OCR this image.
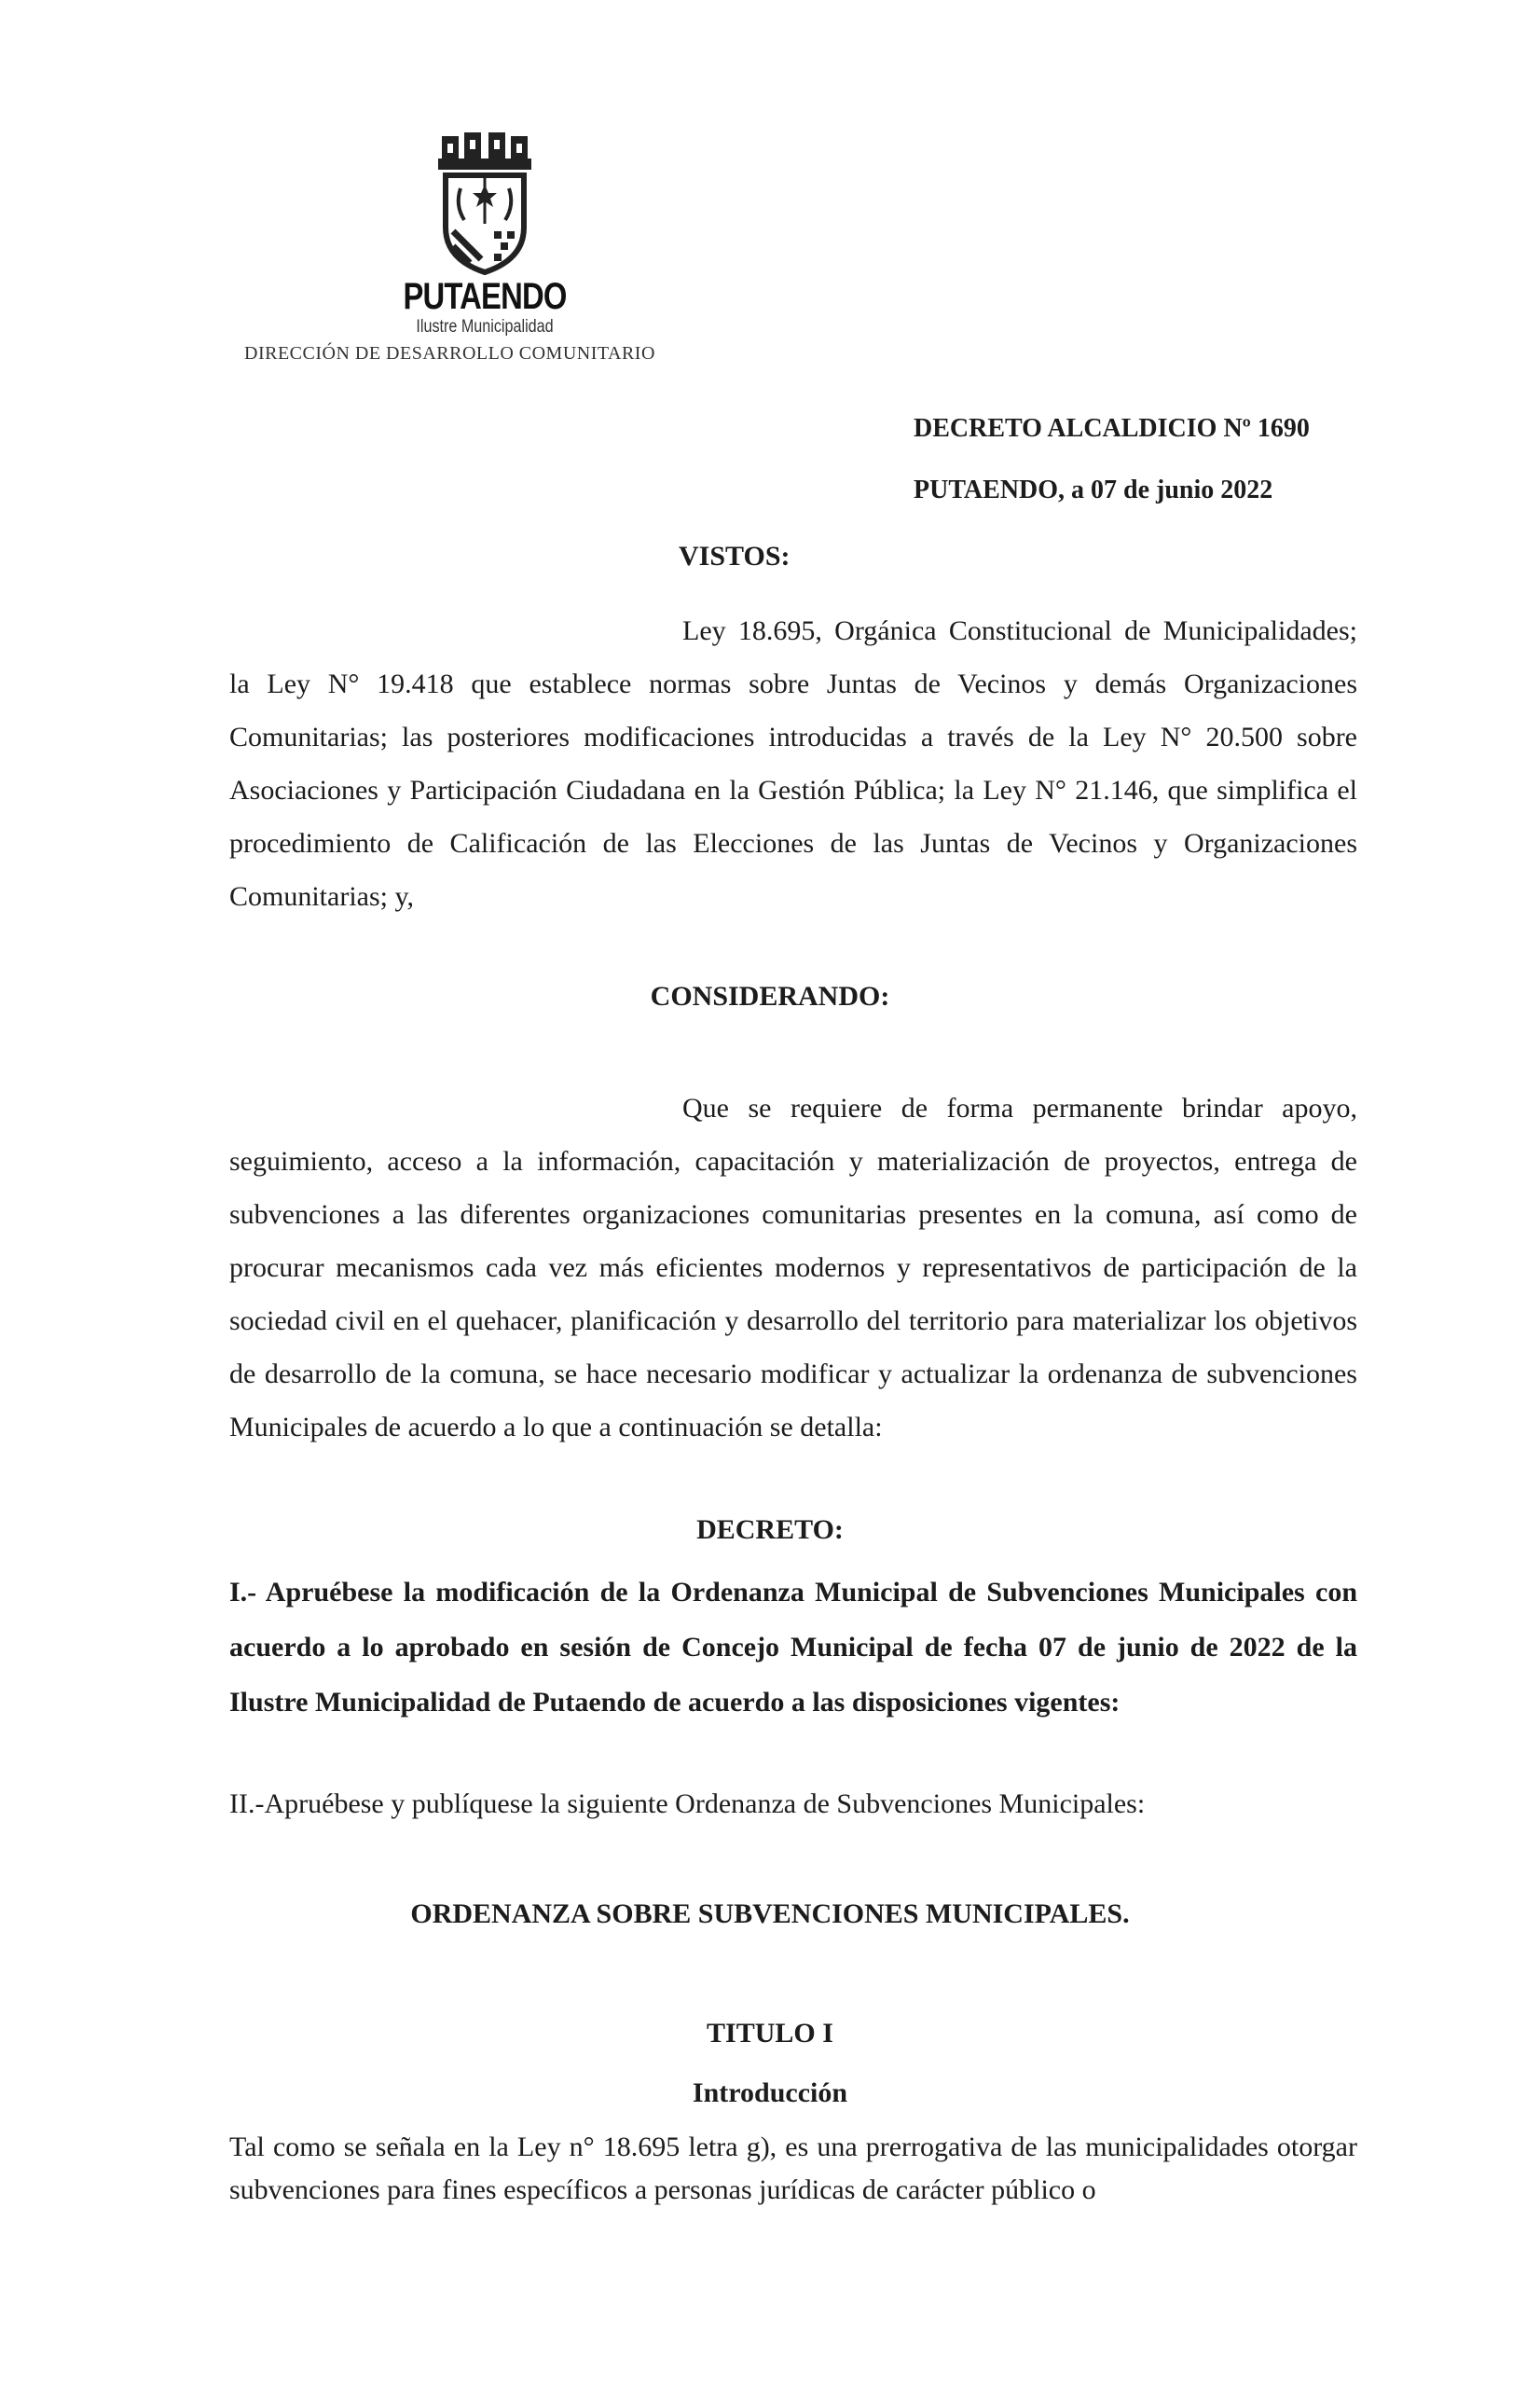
PUTAENDO
Ilustre Municipalidad
DIRECCIÓN DE DESARROLLO COMUNITARIO
DECRETO ALCALDICIO Nº 1690
PUTAENDO, a 07 de junio 2022
VISTOS:
Ley 18.695, Orgánica Constitucional de Municipalidades; la Ley N° 19.418 que establece normas sobre Juntas de Vecinos y demás Organizaciones Comunitarias; las posteriores modificaciones introducidas a través de la Ley N° 20.500 sobre Asociaciones y Participación Ciudadana en la Gestión Pública; la Ley N° 21.146, que simplifica el procedimiento de Calificación de las Elecciones de las Juntas de Vecinos y Organizaciones Comunitarias; y,
CONSIDERANDO:
Que se requiere de forma permanente brindar apoyo, seguimiento, acceso a la información, capacitación y materialización de proyectos, entrega de subvenciones a las diferentes organizaciones comunitarias presentes en la comuna, así como de procurar mecanismos cada vez más eficientes modernos y representativos de participación de la sociedad civil en el quehacer, planificación y desarrollo del territorio para materializar los objetivos de desarrollo de la comuna, se hace necesario modificar y actualizar la ordenanza de subvenciones Municipales de acuerdo a lo que a continuación se detalla:
DECRETO:
I.- Apruébese la modificación de la Ordenanza Municipal de Subvenciones Municipales con acuerdo a lo aprobado en sesión de Concejo Municipal de fecha 07 de junio de 2022 de la Ilustre Municipalidad de Putaendo de acuerdo a las disposiciones vigentes:
II.-Apruébese y publíquese la siguiente Ordenanza de Subvenciones Municipales:
ORDENANZA SOBRE SUBVENCIONES MUNICIPALES.
TITULO I
Introducción
Tal como se señala en la Ley n° 18.695 letra g), es una prerrogativa de las municipalidades otorgar subvenciones para fines específicos a personas jurídicas de carácter público o
